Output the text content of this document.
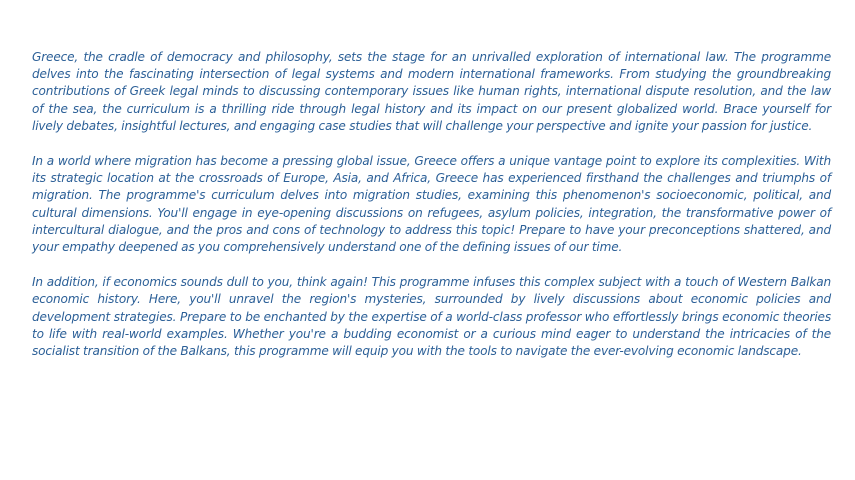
Greece, the cradle of democracy and philosophy, sets the stage for an unrivalled exploration of international law. The programme delves into the fascinating intersection of legal systems and modern international frameworks. From studying the groundbreaking contributions of Greek legal minds to discussing contemporary issues like human rights, international dispute resolution, and the law of the sea, the curriculum is a thrilling ride through legal history and its impact on our present globalized world. Brace yourself for lively debates, insightful lectures, and engaging case studies that will challenge your perspective and ignite your passion for justice.

In a world where migration has become a pressing global issue, Greece offers a unique vantage point to explore its complexities. With its strategic location at the crossroads of Europe, Asia, and Africa, Greece has experienced firsthand the challenges and triumphs of migration. The programme's curriculum delves into migration studies, examining this phenomenon's socioeconomic, political, and cultural dimensions. You'll engage in eye-opening discussions on refugees, asylum policies, integration, the transformative power of intercultural dialogue, and the pros and cons of technology to address this topic! Prepare to have your preconceptions shattered, and your empathy deepened as you comprehensively understand one of the defining issues of our time.

In addition, if economics sounds dull to you, think again! This programme infuses this complex subject with a touch of Western Balkan economic history. Here, you'll unravel the region's mysteries, surrounded by lively discussions about economic policies and development strategies. Prepare to be enchanted by the expertise of a world-class professor who effortlessly brings economic theories to life with real-world examples. Whether you're a budding economist or a curious mind eager to understand the intricacies of the socialist transition of the Balkans, this programme will equip you with the tools to navigate the ever-evolving economic landscape.
